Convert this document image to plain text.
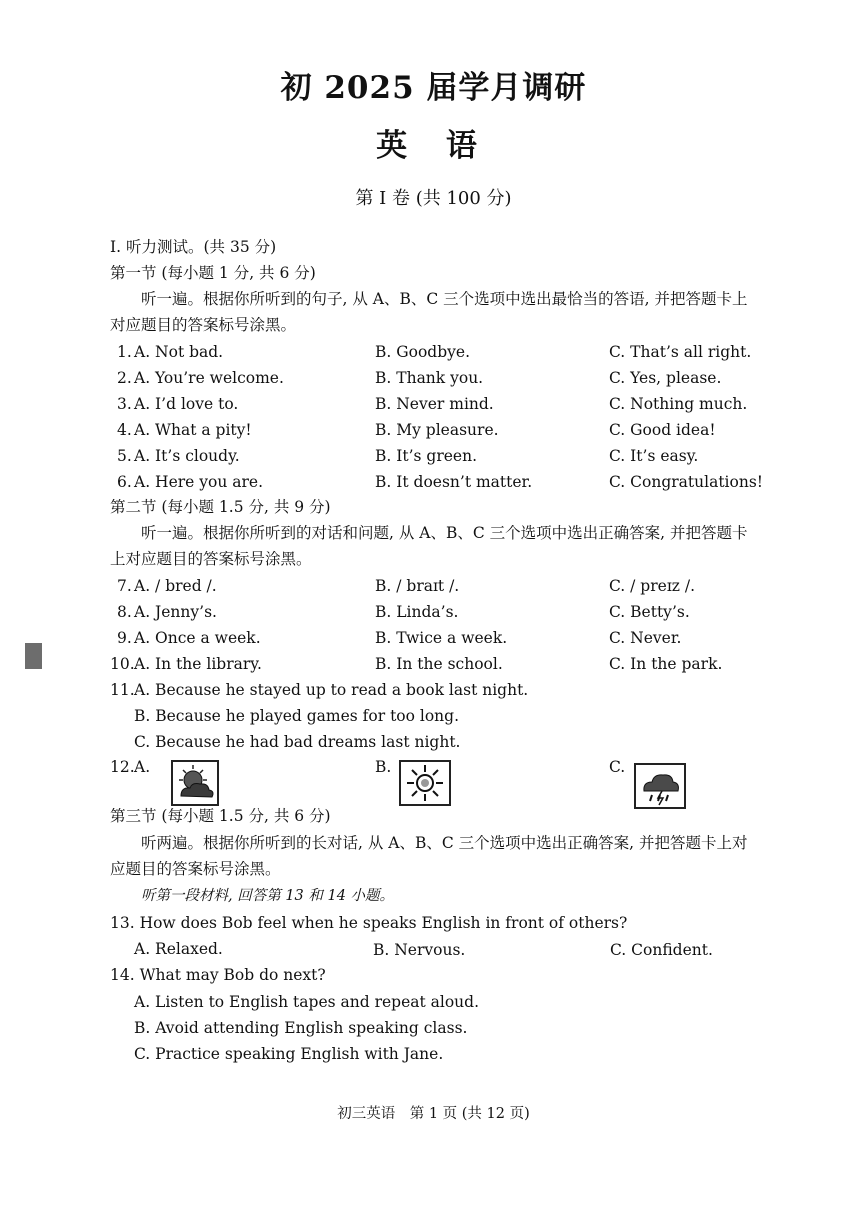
初 2025 届学月调研
英 语
第 I 卷 (共 100 分)
I. 听力测试。(共 35 分)
第一节 (每小题 1 分, 共 6 分)
听一遍。根据你所听到的句子, 从 A、B、C 三个选项中选出最恰当的答语, 并把答题卡上对应题目的答案标号涂黑。
1. A. Not bad.	B. Goodbye.	C. That’s all right.
2. A. You’re welcome.	B. Thank you.	C. Yes, please.
3. A. I’d love to.	B. Never mind.	C. Nothing much.
4. A. What a pity!	B. My pleasure.	C. Good idea!
5. A. It’s cloudy.	B. It’s green.	C. It’s easy.
6. A. Here you are.	B. It doesn’t matter.	C. Congratulations!
第二节 (每小题 1.5 分, 共 9 分)
听一遍。根据你所听到的对话和问题, 从 A、B、C 三个选项中选出正确答案, 并把答题卡上对应题目的答案标号涂黑。
7. A. / bred /.	B. / braɪt /.	C. / preɪz /.
8. A. Jenny’s.	B. Linda’s.	C. Betty’s.
9. A. Once a week.	B. Twice a week.	C. Never.
10. A. In the library.	B. In the school.	C. In the park.
11. A. Because he stayed up to read a book last night.
B. Because he played games for too long.
C. Because he had bad dreams last night.
12. A.	B.	C.
第三节 (每小题 1.5 分, 共 6 分)
听两遍。根据你所听到的长对话, 从 A、B、C 三个选项中选出正确答案, 并把答题卡上对应题目的答案标号涂黑。
听第一段材料, 回答第 13 和 14 小题。
13. How does Bob feel when he speaks English in front of others?
A. Relaxed.	B. Nervous.	C. Confident.
14. What may Bob do next?
A. Listen to English tapes and repeat aloud.
B. Avoid attending English speaking class.
C. Practice speaking English with Jane.
初三英语　第 1 页 (共 12 页)
